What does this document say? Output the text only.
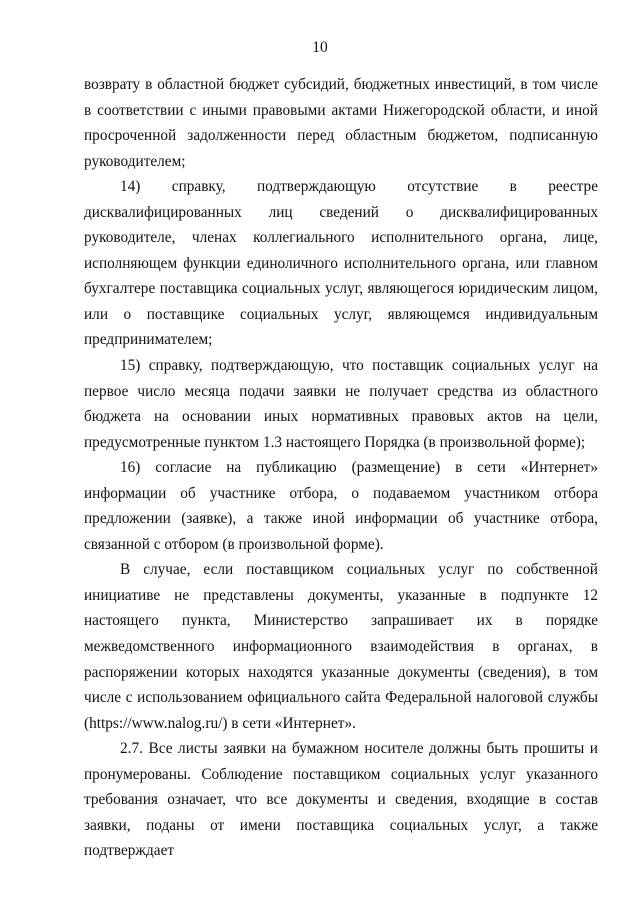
10

возврату в областной бюджет субсидий, бюджетных инвестиций, в том числе в соответствии с иными правовыми актами Нижегородской области, и иной просроченной задолженности перед областным бюджетом, подписанную руководителем;

14) справку, подтверждающую отсутствие в реестре дисквалифицированных лиц сведений о дисквалифицированных руководителе, членах коллегиального исполнительного органа, лице, исполняющем функции единоличного исполнительного органа, или главном бухгалтере поставщика социальных услуг, являющегося юридическим лицом, или о поставщике социальных услуг, являющемся индивидуальным предпринимателем;

15) справку, подтверждающую, что поставщик социальных услуг на первое число месяца подачи заявки не получает средства из областного бюджета на основании иных нормативных правовых актов на цели, предусмотренные пунктом 1.3 настоящего Порядка (в произвольной форме);

16) согласие на публикацию (размещение) в сети «Интернет» информации об участнике отбора, о подаваемом участником отбора предложении (заявке), а также иной информации об участнике отбора, связанной с отбором (в произвольной форме).

В случае, если поставщиком социальных услуг по собственной инициативе не представлены документы, указанные в подпункте 12 настоящего пункта, Министерство запрашивает их в порядке межведомственного информационного взаимодействия в органах, в распоряжении которых находятся указанные документы (сведения), в том числе с использованием официального сайта Федеральной налоговой службы (https://www.nalog.ru/) в сети «Интернет».

2.7. Все листы заявки на бумажном носителе должны быть прошиты и пронумерованы. Соблюдение поставщиком социальных услуг указанного требования означает, что все документы и сведения, входящие в состав заявки, поданы от имени поставщика социальных услуг, а также подтверждает
